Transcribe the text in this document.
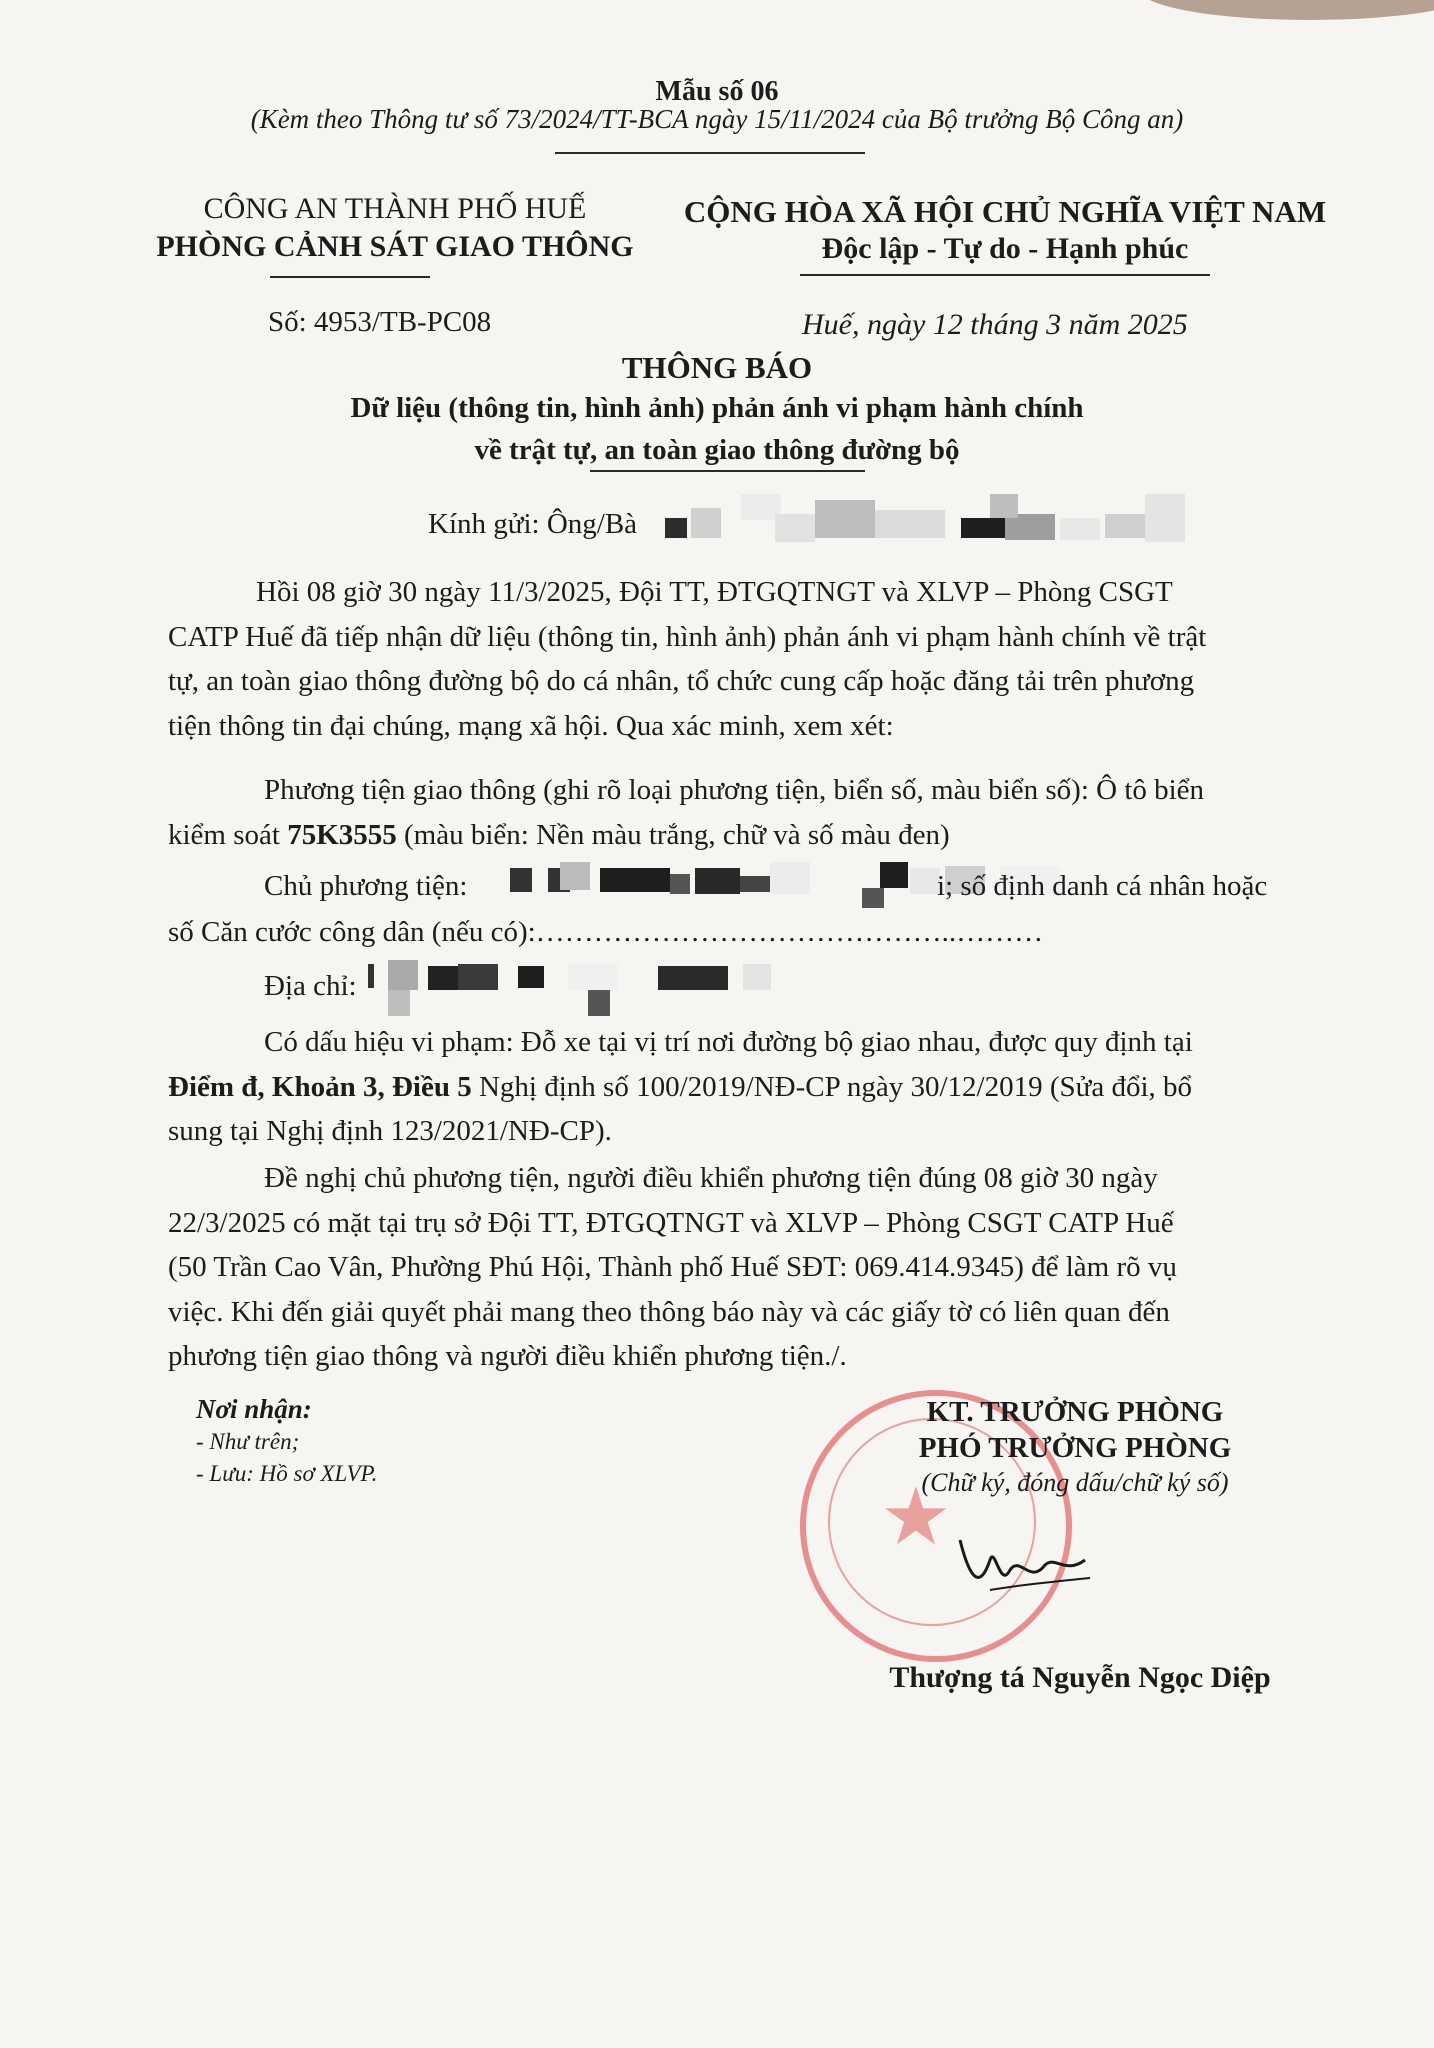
Mẫu số 06
(Kèm theo Thông tư số 73/2024/TT-BCA ngày 15/11/2024 của Bộ trưởng Bộ Công an)
CÔNG AN THÀNH PHỐ HUẾ
PHÒNG CẢNH SÁT GIAO THÔNG
Số: 4953/TB-PC08
CỘNG HÒA XÃ HỘI CHỦ NGHĨA VIỆT NAM
Độc lập - Tự do - Hạnh phúc
Huế, ngày 12 tháng 3 năm 2025
THÔNG BÁO
Dữ liệu (thông tin, hình ảnh) phản ánh vi phạm hành chính
về trật tự, an toàn giao thông đường bộ
Kính gửi: Ông/Bà
Hồi 08 giờ 30 ngày 11/3/2025, Đội TT, ĐTGQTNGT và XLVP – Phòng CSGT
CATP Huế đã tiếp nhận dữ liệu (thông tin, hình ảnh) phản ánh vi phạm hành chính về trật
tự, an toàn giao thông đường bộ do cá nhân, tổ chức cung cấp hoặc đăng tải trên phương
tiện thông tin đại chúng, mạng xã hội. Qua xác minh, xem xét:
Phương tiện giao thông (ghi rõ loại phương tiện, biển số, màu biển số): Ô tô biển
kiểm soát 75K3555 (màu biển: Nền màu trắng, chữ và số màu đen)
Chủ phương tiện:	i; số định danh cá nhân hoặc
số Căn cước công dân (nếu có):……………………………………..………
Địa chỉ:
Có dấu hiệu vi phạm: Đỗ xe tại vị trí nơi đường bộ giao nhau, được quy định tại
Điểm đ, Khoản 3, Điều 5 Nghị định số 100/2019/NĐ-CP ngày 30/12/2019 (Sửa đổi, bổ
sung tại Nghị định 123/2021/NĐ-CP).
Đề nghị chủ phương tiện, người điều khiển phương tiện đúng 08 giờ 30 ngày
22/3/2025 có mặt tại trụ sở Đội TT, ĐTGQTNGT và XLVP – Phòng CSGT CATP Huế
(50 Trần Cao Vân, Phường Phú Hội, Thành phố Huế SĐT: 069.414.9345) để làm rõ vụ
việc. Khi đến giải quyết phải mang theo thông báo này và các giấy tờ có liên quan đến
phương tiện giao thông và người điều khiển phương tiện./.
Nơi nhận:
- Như trên;
- Lưu: Hồ sơ XLVP.
★
KT. TRƯỞNG PHÒNG
PHÓ TRƯỞNG PHÒNG
(Chữ ký, đóng dấu/chữ ký số)
Thượng tá Nguyễn Ngọc Diệp
